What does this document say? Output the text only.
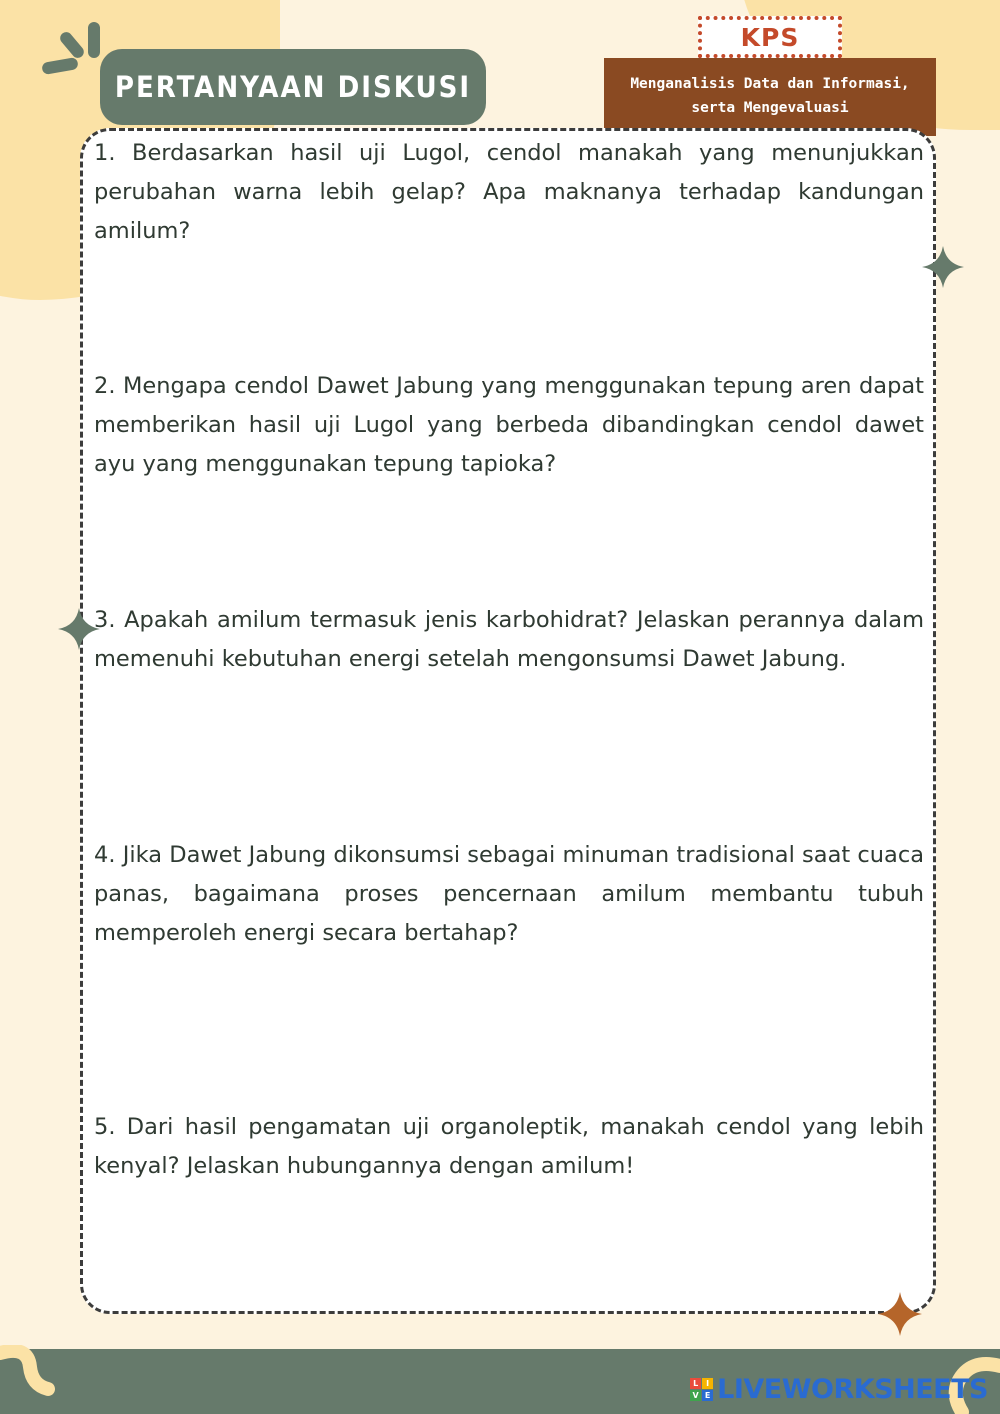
PERTANYAAN DISKUSI
KPS
Menganalisis Data dan Informasi,
serta Mengevaluasi
1. Berdasarkan hasil uji Lugol, cendol manakah yang menunjukkan perubahan warna lebih gelap? Apa maknanya terhadap kandungan amilum?
2. Mengapa cendol Dawet Jabung yang menggunakan tepung aren dapat memberikan hasil uji Lugol yang berbeda dibandingkan cendol dawet ayu yang menggunakan tepung tapioka?
3. Apakah amilum termasuk jenis karbohidrat? Jelaskan perannya dalam memenuhi kebutuhan energi setelah mengonsumsi Dawet Jabung.
4. Jika Dawet Jabung dikonsumsi sebagai minuman tradisional saat cuaca panas, bagaimana proses pencernaan amilum membantu tubuh memperoleh energi secara bertahap?
5. Dari hasil pengamatan uji organoleptik, manakah cendol yang lebih kenyal? Jelaskan hubungannya dengan amilum!
L I
V E LIVEWORKSHEETS
